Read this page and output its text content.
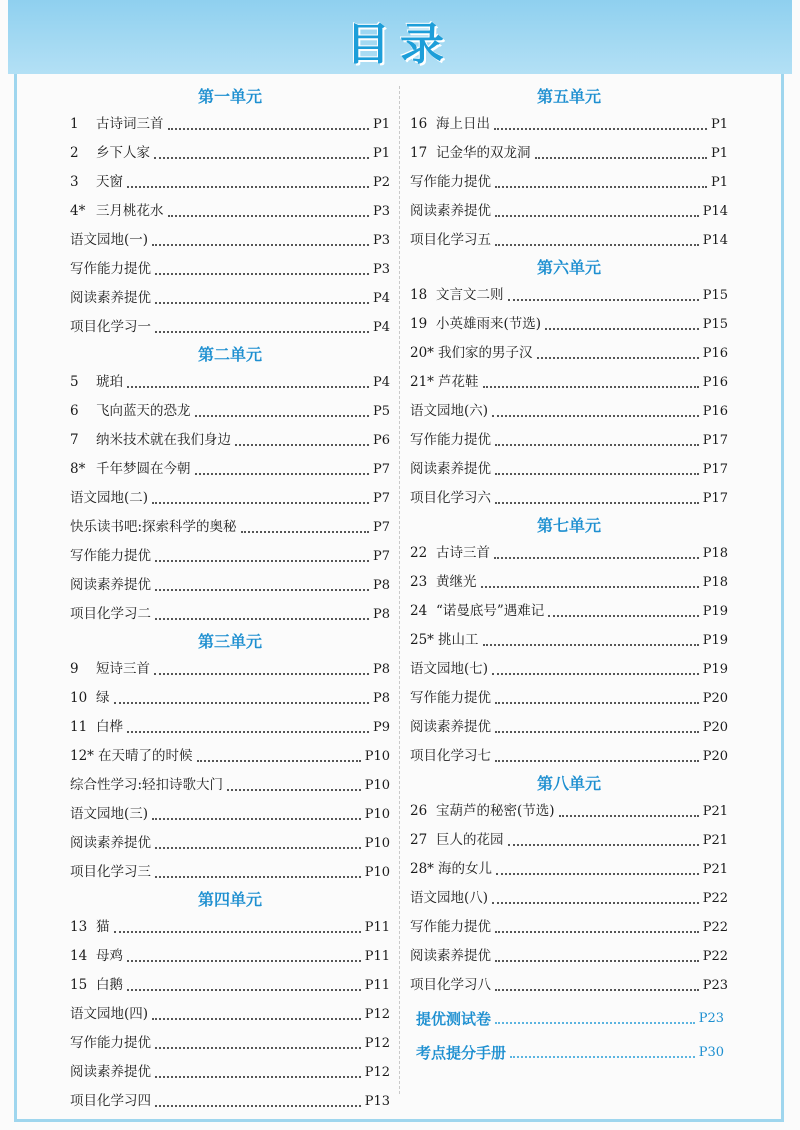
目录
第一单元
1	古诗词三首	P1
2	乡下人家	P1
3	天窗	P2
4* 三月桃花水	P3
语文园地(一)	P3
写作能力提优	P3
阅读素养提优	P4
项目化学习一	P4
第二单元
5	琥珀	P4
6	飞向蓝天的恐龙	P5
7	纳米技术就在我们身边	P6
8* 千年梦圆在今朝	P7
语文园地(二)	P7
快乐读书吧:探索科学的奥秘	P7
写作能力提优	P7
阅读素养提优	P8
项目化学习二	P8
第三单元
9	短诗三首	P8
10 绿	P8
11 白桦	P9
12* 在天晴了的时候	P10
综合性学习:轻扣诗歌大门	P10
语文园地(三)	P10
阅读素养提优	P10
项目化学习三	P10
第四单元
13 猫	P11
14 母鸡	P11
15 白鹅	P11
语文园地(四)	P12
写作能力提优	P12
阅读素养提优	P12
项目化学习四	P13
第五单元
16 海上日出	P1
17 记金华的双龙洞	P1
写作能力提优	P1
阅读素养提优	P14
项目化学习五	P14
第六单元
18 文言文二则	P15
19 小英雄雨来(节选)	P15
20* 我们家的男子汉	P16
21* 芦花鞋	P16
语文园地(六)	P16
写作能力提优	P17
阅读素养提优	P17
项目化学习六	P17
第七单元
22 古诗三首	P18
23 黄继光	P18
24 “诺曼底号”遇难记	P19
25* 挑山工	P19
语文园地(七)	P19
写作能力提优	P20
阅读素养提优	P20
项目化学习七	P20
第八单元
26 宝葫芦的秘密(节选)	P21
27 巨人的花园	P21
28* 海的女儿	P21
语文园地(八)	P22
写作能力提优	P22
阅读素养提优	P22
项目化学习八	P23
提优测试卷	P23
考点提分手册	P30
